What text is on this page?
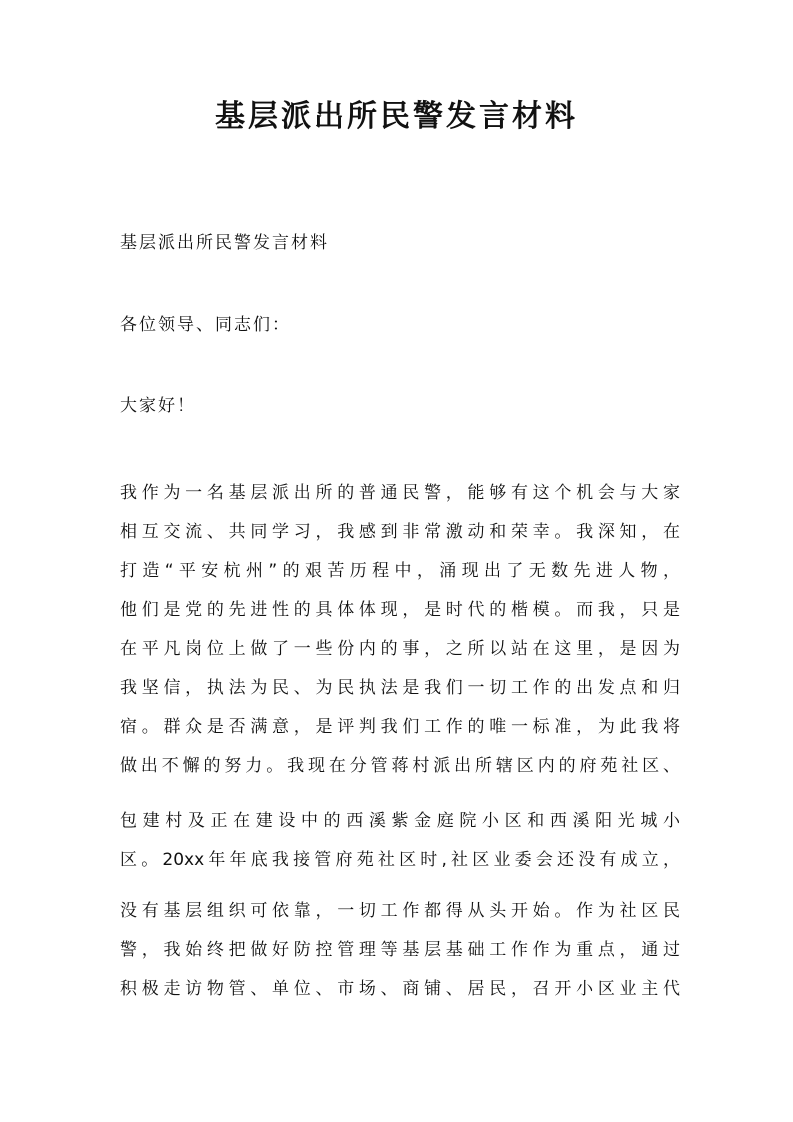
基层派出所民警发言材料
基层派出所民警发言材料
各位领导、同志们：
大家好！
我作为一名基层派出所的普通民警，能够有这个机会与大家
相互交流、共同学习，我感到非常激动和荣幸。我深知，在
打造“平安杭州”的艰苦历程中，涌现出了无数先进人物，
他们是党的先进性的具体体现，是时代的楷模。而我，只是
在平凡岗位上做了一些份内的事，之所以站在这里，是因为
我坚信，执法为民、为民执法是我们一切工作的出发点和归
宿。群众是否满意，是评判我们工作的唯一标准，为此我将
做出不懈的努力。我现在分管蒋村派出所辖区内的府苑社区、
包建村及正在建设中的西溪紫金庭院小区和西溪阳光城小
区。20xx年年底我接管府苑社区时,社区业委会还没有成立，
没有基层组织可依靠，一切工作都得从头开始。作为社区民
警，我始终把做好防控管理等基层基础工作作为重点，通过
积极走访物管、单位、市场、商铺、居民，召开小区业主代
